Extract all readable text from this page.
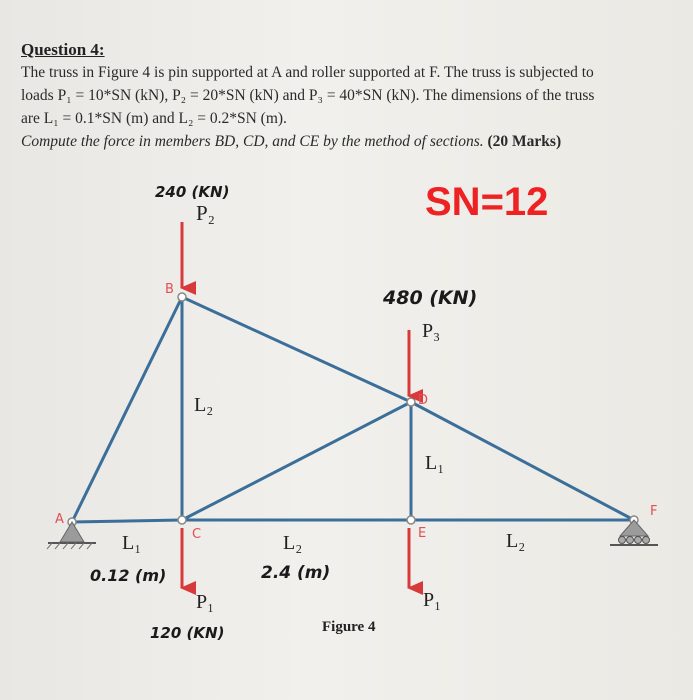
Question 4:
The truss in Figure 4 is pin supported at A and roller supported at F. The truss is subjected to
loads P₁ = 10*SN (kN), P₂ = 20*SN (kN) and P₃ = 40*SN (kN). The dimensions of the truss
are L₁ = 0.1*SN (m) and L₂ = 0.2*SN (m).
Compute the force in members BD, CD, and CE by the method of sections. (20 Marks)
SN=12
A
B
C
D
E
F
240 (KN)
P₂
480 (KN)
P₃
P₁	P₁
120 (KN)
L₁
0.12 (m)
L₂
2.4 (m)
L₂
L₁
L₂
Figure 4
